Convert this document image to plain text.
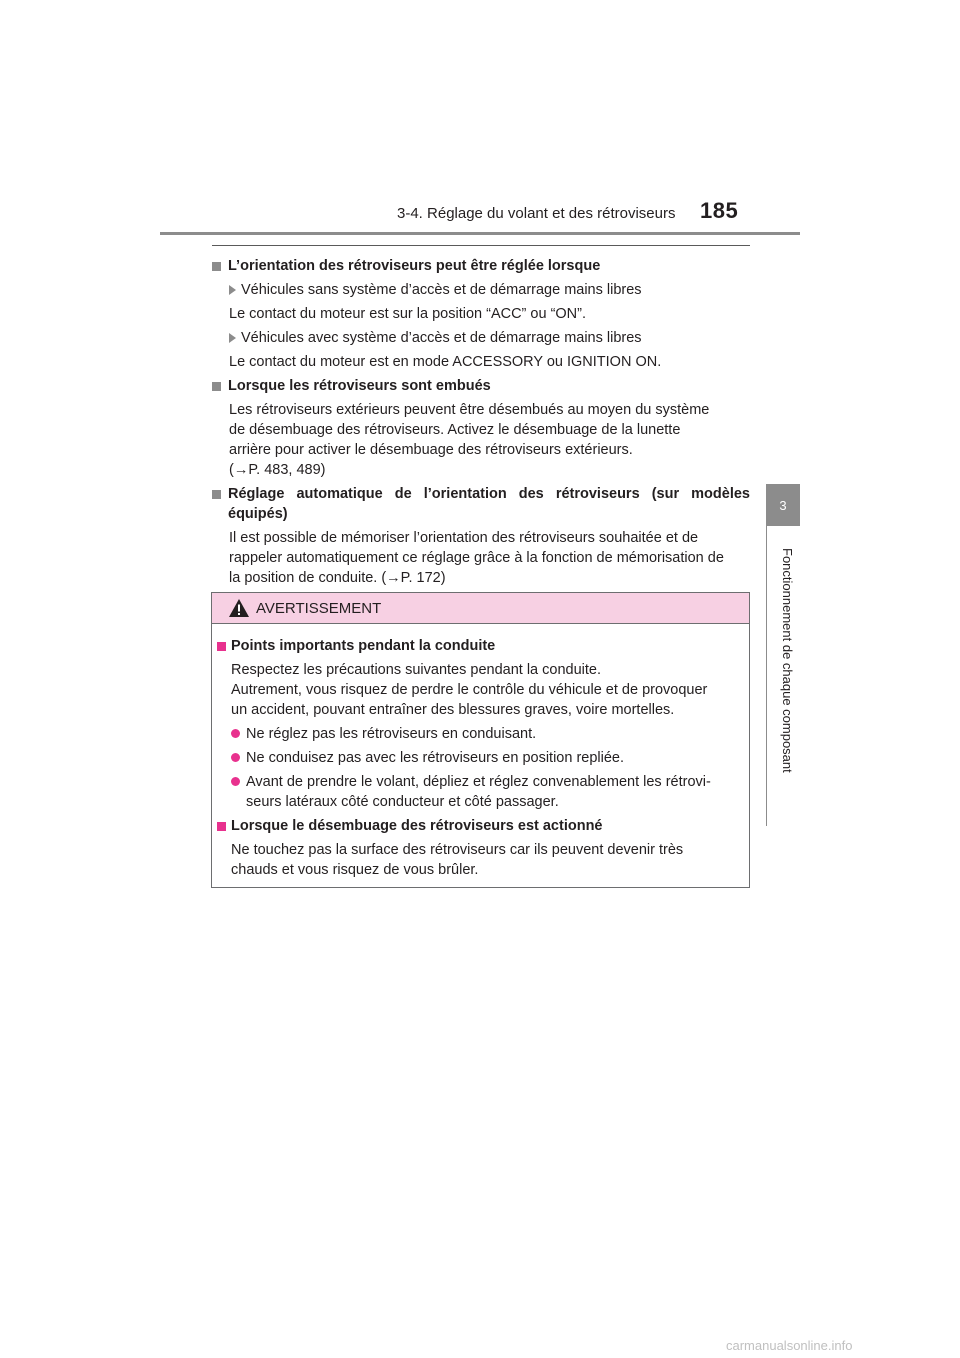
3-4. Réglage du volant et des rétroviseurs 185
3
Fonctionnement de chaque composant
L’orientation des rétroviseurs peut être réglée lorsque
Véhicules sans système d’accès et de démarrage mains libres
Le contact du moteur est sur la position “ACC” ou “ON”.
Véhicules avec système d’accès et de démarrage mains libres
Le contact du moteur est en mode ACCESSORY ou IGNITION ON.
Lorsque les rétroviseurs sont embués
Les rétroviseurs extérieurs peuvent être désembués au moyen du système
de désembuage des rétroviseurs. Activez le désembuage de la lunette
arrière pour activer le désembuage des rétroviseurs extérieurs.
(→P. 483, 489)
Réglage automatique de l’orientation des rétroviseurs (sur modèles équipés)
Il est possible de mémoriser l’orientation des rétroviseurs souhaitée et de
rappeler automatiquement ce réglage grâce à la fonction de mémorisation de
la position de conduite. (→P. 172)
AVERTISSEMENT
Points importants pendant la conduite
Respectez les précautions suivantes pendant la conduite.
Autrement, vous risquez de perdre le contrôle du véhicule et de provoquer
un accident, pouvant entraîner des blessures graves, voire mortelles.
Ne réglez pas les rétroviseurs en conduisant.
Ne conduisez pas avec les rétroviseurs en position repliée.
Avant de prendre le volant, dépliez et réglez convenablement les rétrovi-
seurs latéraux côté conducteur et côté passager.
Lorsque le désembuage des rétroviseurs est actionné
Ne touchez pas la surface des rétroviseurs car ils peuvent devenir très
chauds et vous risquez de vous brûler.
carmanualsonline.info
